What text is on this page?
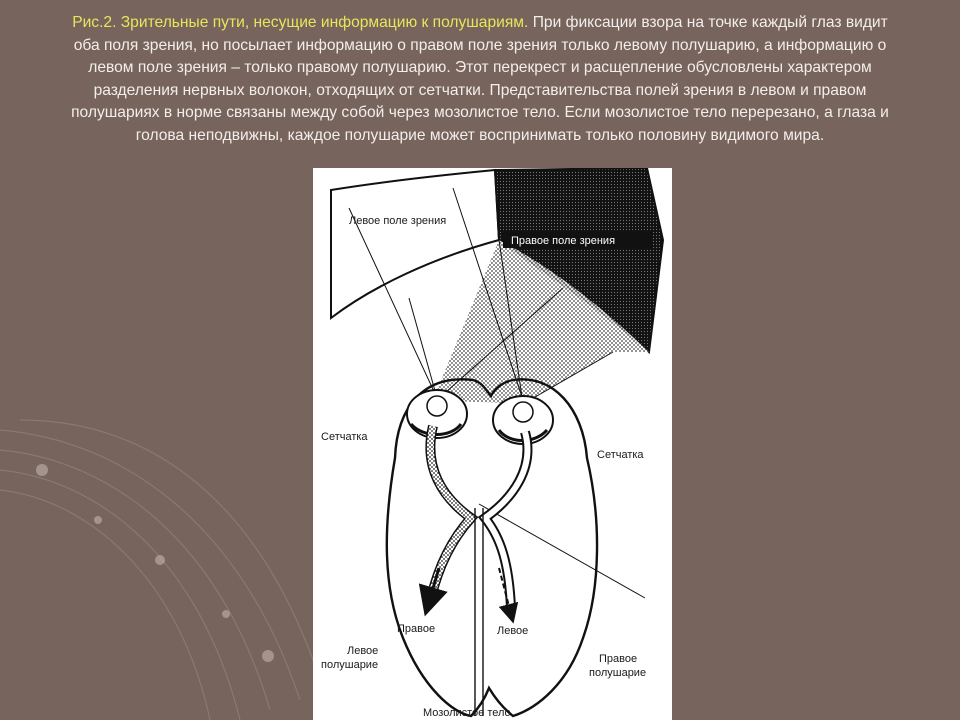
Рис.2. Зрительные пути, несущие информацию к полушариям. При фиксации взора на точке каждый глаз видит оба поля зрения, но посылает информацию о правом поле зрения только левому полушарию, а информацию о левом поле зрения – только правому полушарию. Этот перекрест и расщепление обусловлены характером разделения нервных волокон, отходящих от сетчатки. Представительства полей зрения в левом и правом полушариях в норме связаны между собой через мозолистое тело. Если мозолистое тело перерезано, а глаза и голова неподвижны, каждое полушарие может воспринимать только половину видимого мира.
Левое поле зрения
Правое поле зрения
Сетчатка
Сетчатка
Правое	Левое
Левое
полушарие	Правое
полушарие
Мозолистое тело
